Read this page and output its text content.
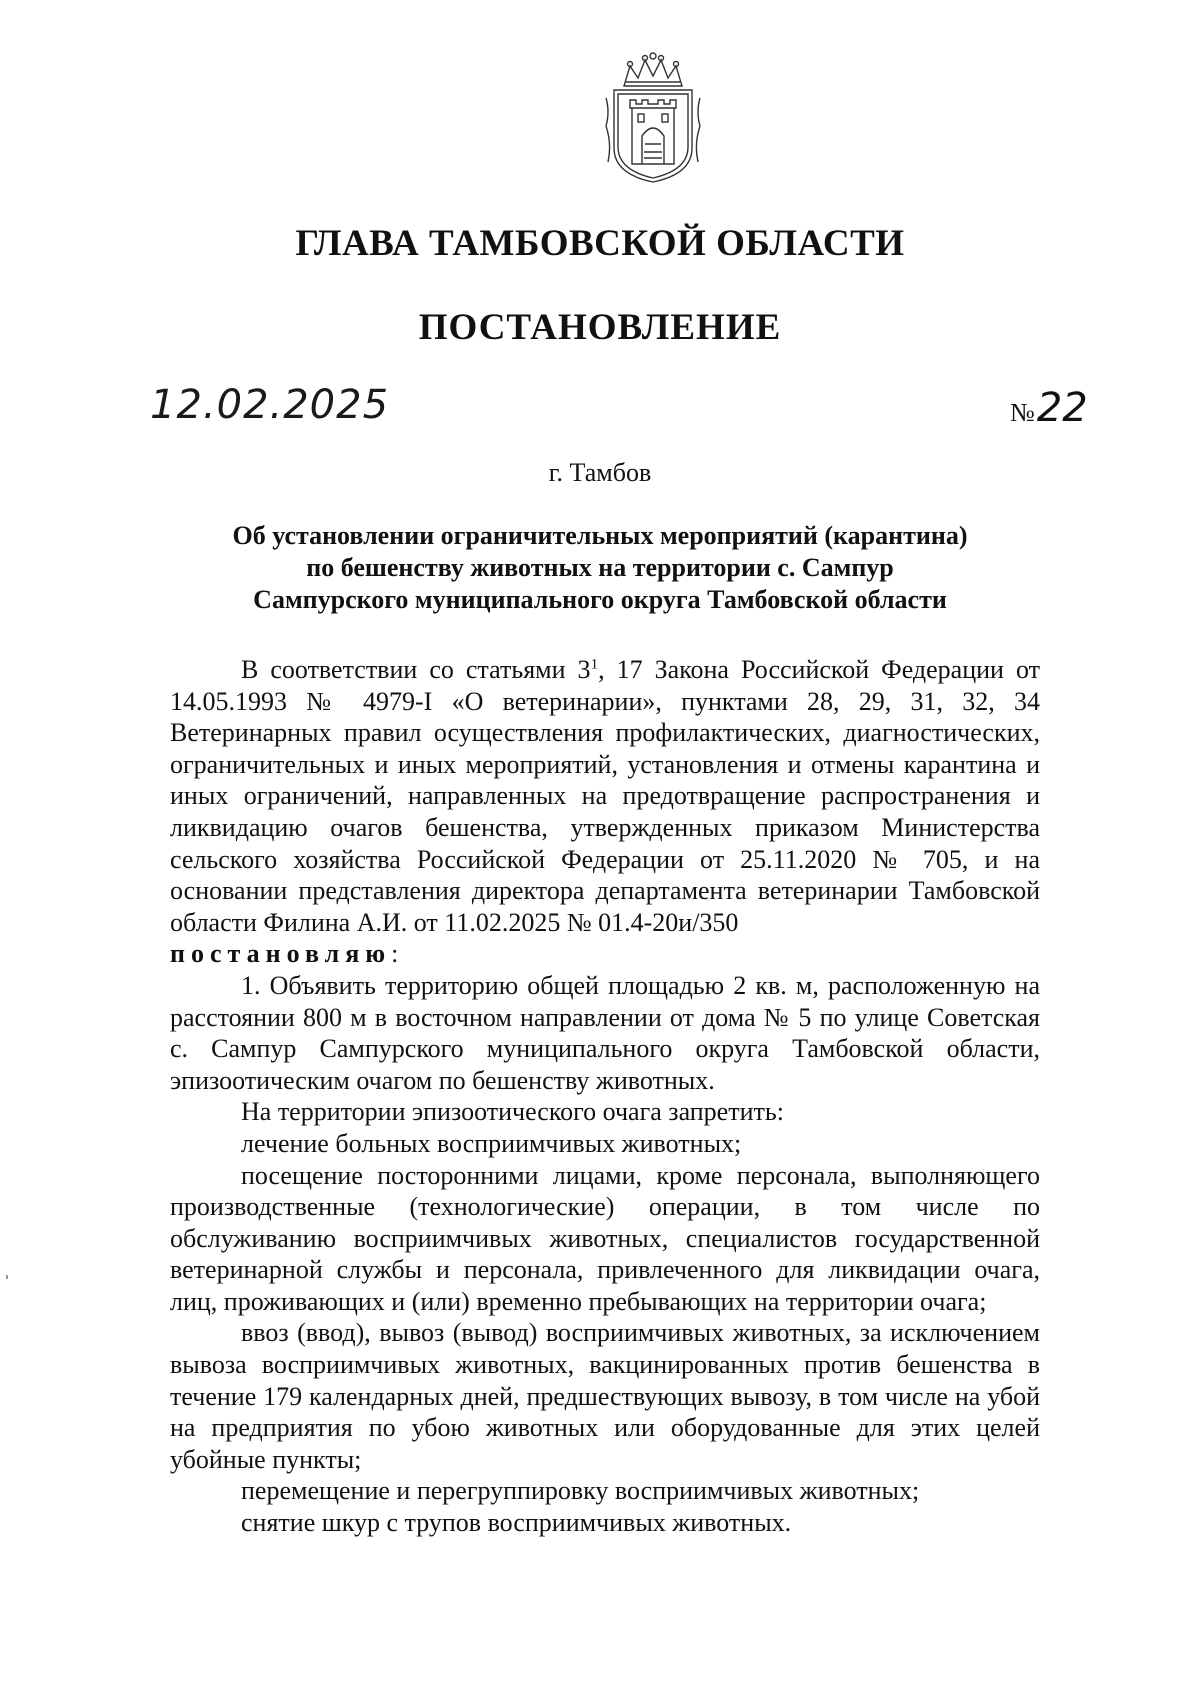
ГЛАВА ТАМБОВСКОЙ ОБЛАСТИ
ПОСТАНОВЛЕНИЕ
12.02.2025	№22
г. Тамбов
Об установлении ограничительных мероприятий (карантина)
по бешенству животных на территории с. Сампур
Сампурского муниципального округа Тамбовской области

В соответствии со статьями $3^1$, 17 Закона Российской Федерации от 14.05.1993 № 4979-I «О ветеринарии», пунктами 28, 29, 31, 32, 34 Ветеринарных правил осуществления профилактических, диагностических, ограничительных и иных мероприятий, установления и отмены карантина и иных ограничений, направленных на предотвращение распространения и ликвидацию очагов бешенства, утвержденных приказом Министерства сельского хозяйства Российской Федерации от 25.11.2020 № 705, и на основании представления директора департамента ветеринарии Тамбовской области Филина А.И. от 11.02.2025 № 01.4-20и/350

постановляю:

1. Объявить территорию общей площадью 2 кв. м, расположенную на расстоянии 800 м в восточном направлении от дома № 5 по улице Советская с. Сампур Сампурского муниципального округа Тамбовской области, эпизоотическим очагом по бешенству животных.

На территории эпизоотического очага запретить:

лечение больных восприимчивых животных;

посещение посторонними лицами, кроме персонала, выполняющего производственные (технологические) операции, в том числе по обслуживанию восприимчивых животных, специалистов государственной ветеринарной службы и персонала, привлеченного для ликвидации очага, лиц, проживающих и (или) временно пребывающих на территории очага;

ввоз (ввод), вывоз (вывод) восприимчивых животных, за исключением вывоза восприимчивых животных, вакцинированных против бешенства в течение 179 календарных дней, предшествующих вывозу, в том числе на убой на предприятия по убою животных или оборудованные для этих целей убойные пункты;

перемещение и перегруппировку восприимчивых животных;

снятие шкур с трупов восприимчивых животных.
